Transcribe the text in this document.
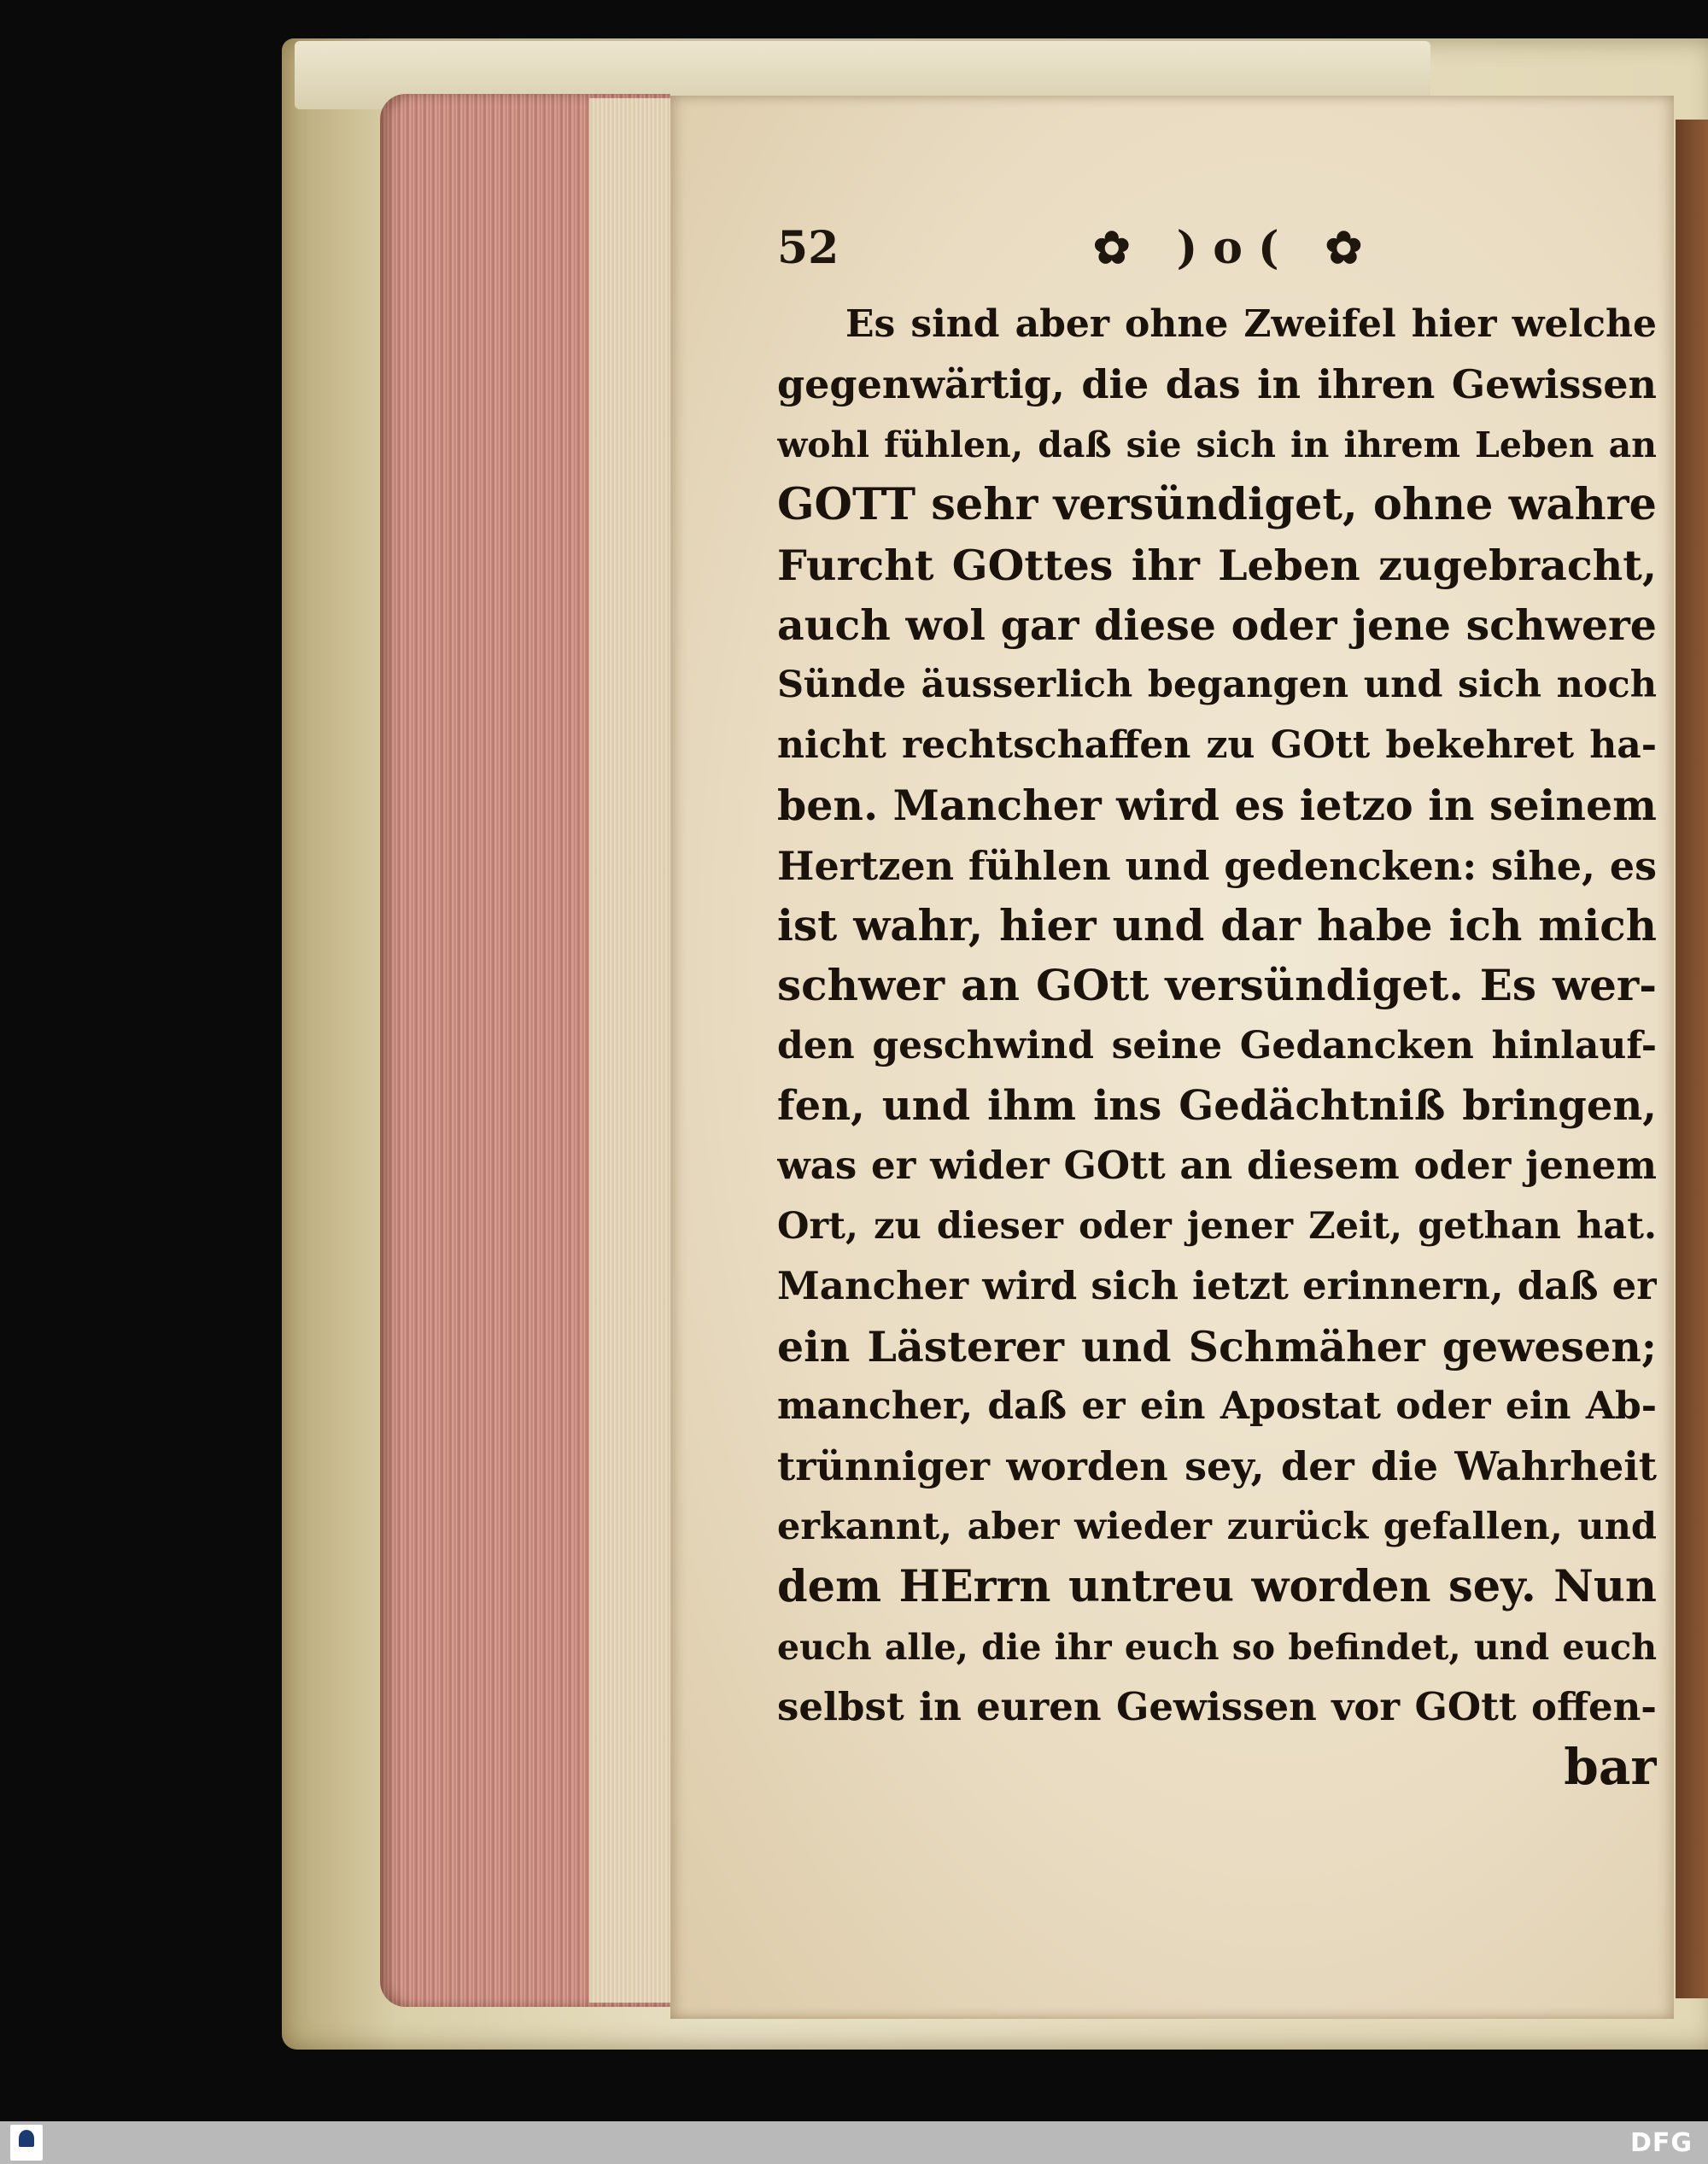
52	✿ )o( ✿
Es sind aber ohne Zweifel hier welche
gegenwärtig, die das in ihren Gewissen
wohl fühlen, daß sie sich in ihrem Leben an
GOTT sehr versündiget, ohne wahre
Furcht GOttes ihr Leben zugebracht,
auch wol gar diese oder jene schwere
Sünde äusserlich begangen und sich noch
nicht rechtschaffen zu GOtt bekehret ha-
ben. Mancher wird es ietzo in seinem
Hertzen fühlen und gedencken: sihe, es
ist wahr, hier und dar habe ich mich
schwer an GOtt versündiget. Es wer-
den geschwind seine Gedancken hinlauf-
fen, und ihm ins Gedächtniß bringen,
was er wider GOtt an diesem oder jenem
Ort, zu dieser oder jener Zeit, gethan hat.
Mancher wird sich ietzt erinnern, daß er
ein Lästerer und Schmäher gewesen;
mancher, daß er ein Apostat oder ein Ab-
trünniger worden sey, der die Wahrheit
erkannt, aber wieder zurück gefallen, und
dem HErrn untreu worden sey. Nun
euch alle, die ihr euch so befindet, und euch
selbst in euren Gewissen vor GOtt offen-
bar
DFG
